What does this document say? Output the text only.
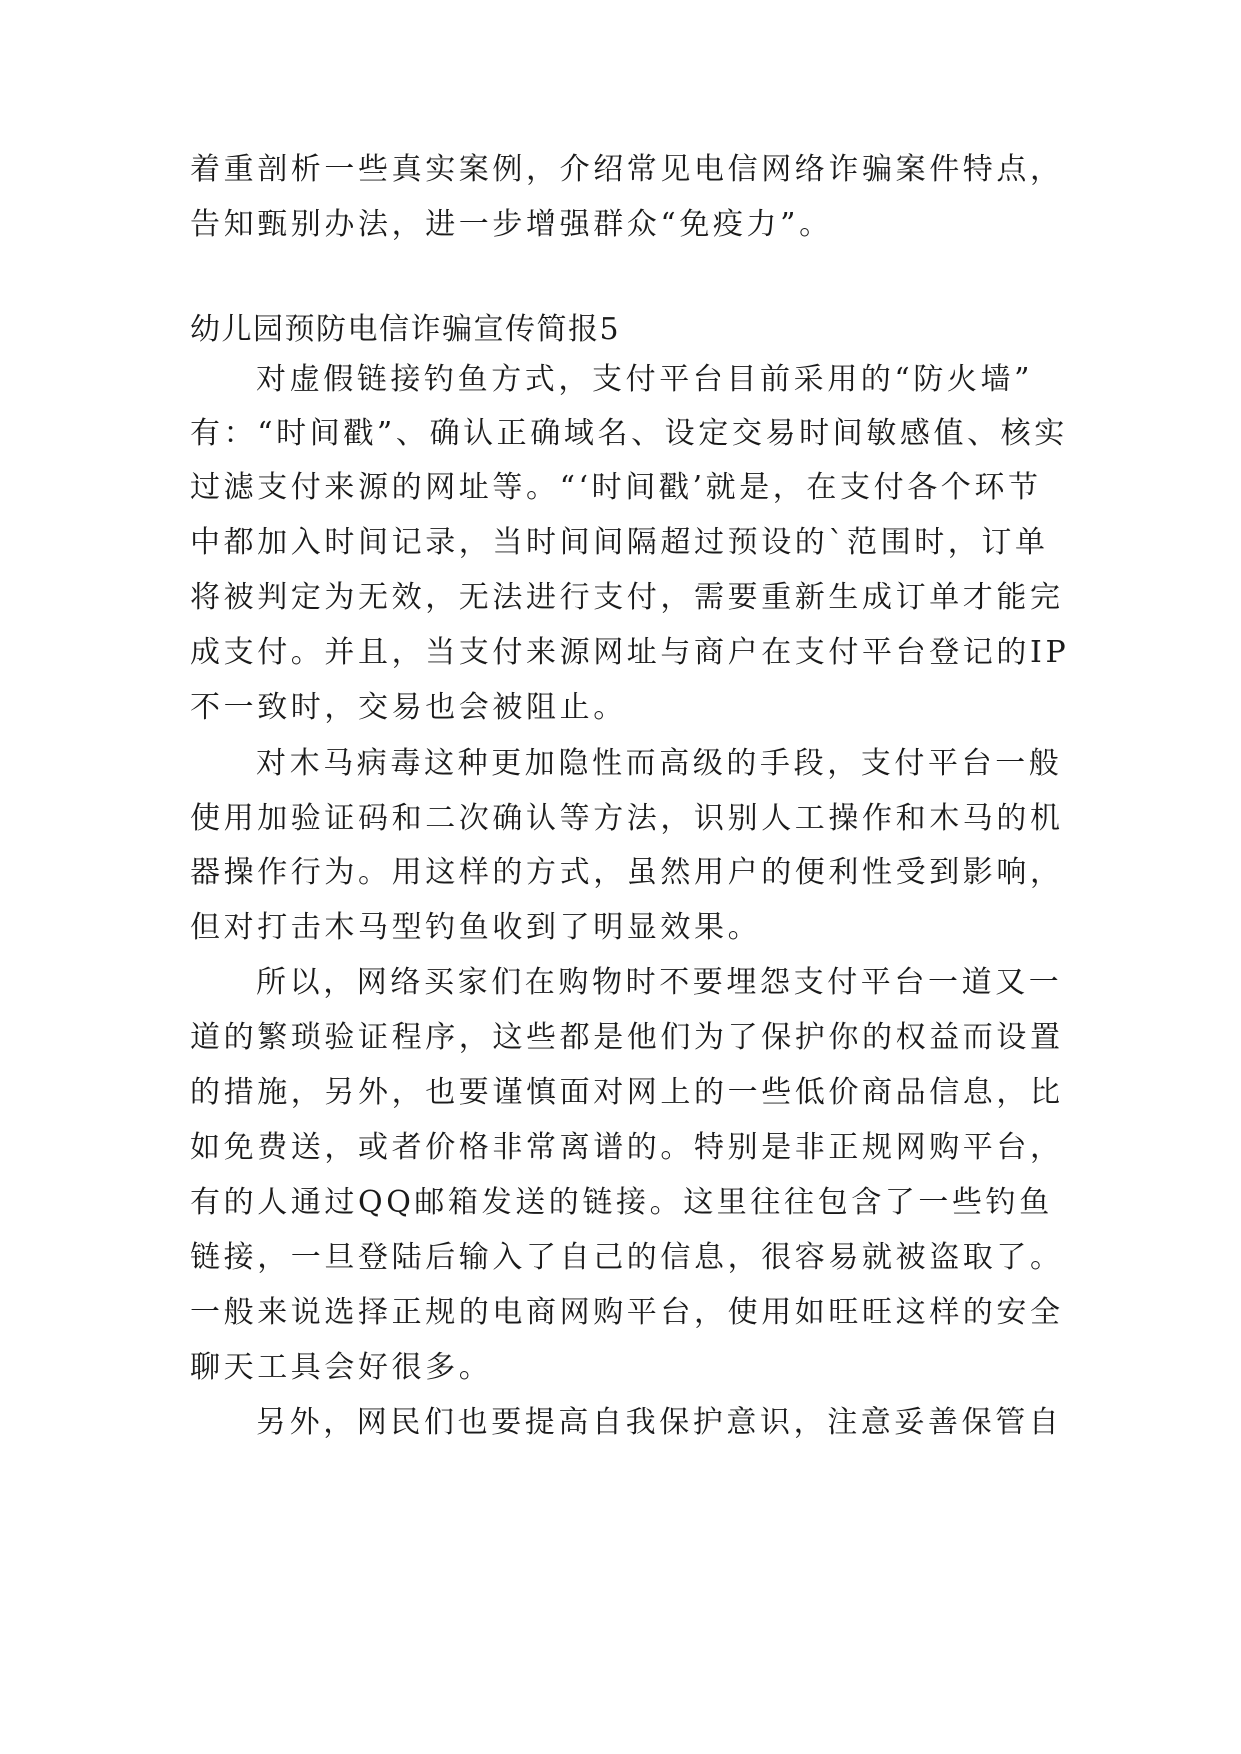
着重剖析一些真实案例，介绍常见电信网络诈骗案件特点，
告知甄别办法，进一步增强群众“免疫力”。
幼儿园预防电信诈骗宣传简报5
对虚假链接钓鱼方式，支付平台目前采用的“防火墙”
有：“时间戳”、确认正确域名、设定交易时间敏感值、核实
过滤支付来源的网址等。“‘时间戳’就是，在支付各个环节
中都加入时间记录，当时间间隔超过预设的`范围时，订单
将被判定为无效，无法进行支付，需要重新生成订单才能完
成支付。并且，当支付来源网址与商户在支付平台登记的IP
不一致时，交易也会被阻止。
对木马病毒这种更加隐性而高级的手段，支付平台一般
使用加验证码和二次确认等方法，识别人工操作和木马的机
器操作行为。用这样的方式，虽然用户的便利性受到影响，
但对打击木马型钓鱼收到了明显效果。
所以，网络买家们在购物时不要埋怨支付平台一道又一
道的繁琐验证程序，这些都是他们为了保护你的权益而设置
的措施，另外，也要谨慎面对网上的一些低价商品信息，比
如免费送，或者价格非常离谱的。特别是非正规网购平台，
有的人通过QQ邮箱发送的链接。这里往往包含了一些钓鱼
链接，一旦登陆后输入了自己的信息，很容易就被盗取了。
一般来说选择正规的电商网购平台，使用如旺旺这样的安全
聊天工具会好很多。
另外，网民们也要提高自我保护意识，注意妥善保管自
